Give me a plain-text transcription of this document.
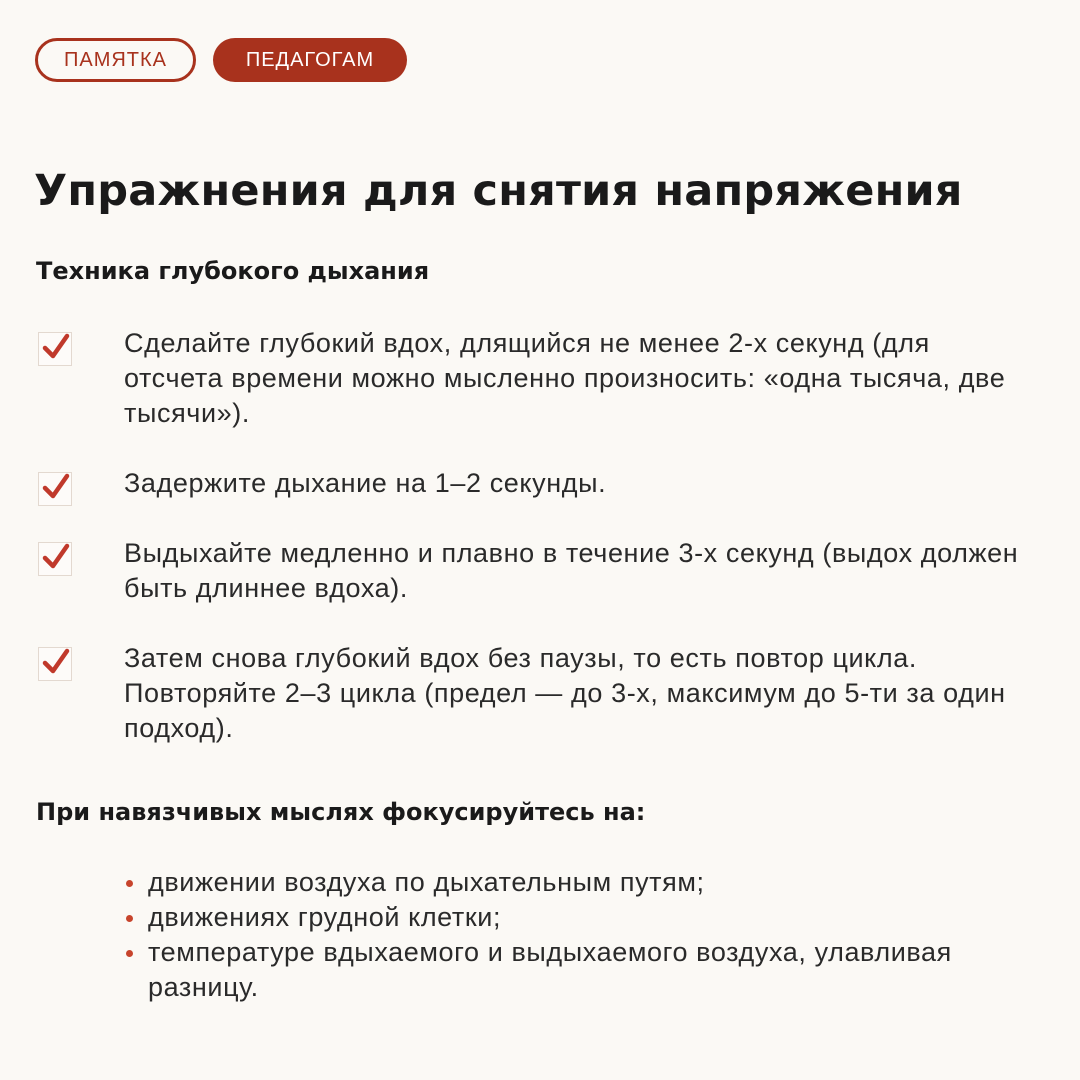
ПАМЯТКА	ПЕДАГОГАМ
Упражнения для снятия напряжения
Техника глубокого дыхания
Сделайте глубокий вдох, длящийся не менее 2-х секунд (для отсчета времени можно мысленно произносить: «одна тысяча, две тысячи»).
Задержите дыхание на 1–2 секунды.
Выдыхайте медленно и плавно в течение 3-х секунд (выдох должен быть длиннее вдоха).
Затем снова глубокий вдох без паузы, то есть повтор цикла. Повторяйте 2–3 цикла (предел — до 3-х, максимум до 5-ти за один подход).
При навязчивых мыслях фокусируйтесь на:
движении воздуха по дыхательным путям;
движениях грудной клетки;
температуре вдыхаемого и выдыхаемого воздуха, улавливая разницу.
